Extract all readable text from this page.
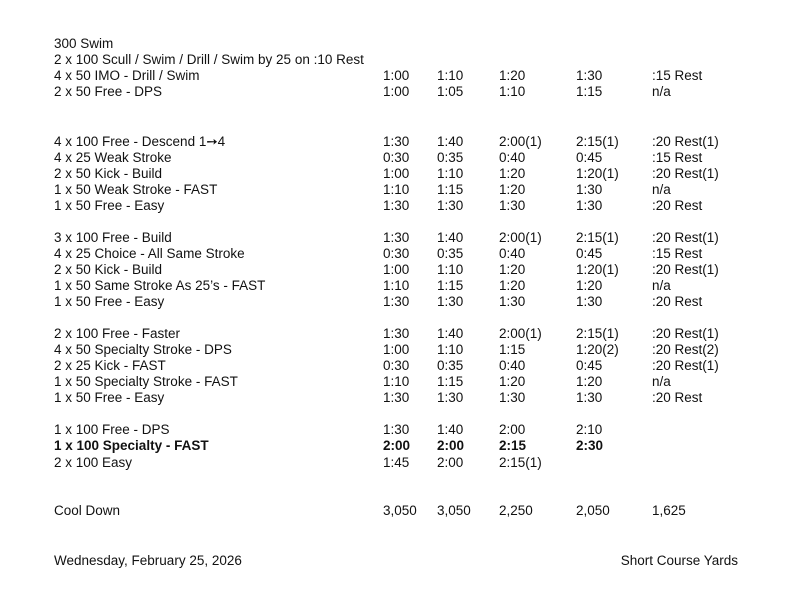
300 Swim
2 x 100 Scull / Swim / Drill / Swim by 25 on :10 Rest
4 x 50 IMO - Drill / Swim	1:00 1:10	1:20	1:30	:15 Rest
2 x 50 Free - DPS	1:00 1:05	1:10	1:15	n/a
4 x 100 Free - Descend 1➙4	1:30 1:40	2:00(1)	2:15(1) :20 Rest(1)
4 x 25 Weak Stroke	0:30 0:35	0:40	0:45	:15 Rest
2 x 50 Kick - Build	1:00 1:10	1:20	1:20(1) :20 Rest(1)
1 x 50 Weak Stroke - FAST	1:10 1:15	1:20	1:30	n/a
1 x 50 Free - Easy	1:30 1:30	1:30	1:30	:20 Rest
3 x 100 Free - Build	1:30 1:40	2:00(1)	2:15(1) :20 Rest(1)
4 x 25 Choice - All Same Stroke	0:30 0:35	0:40	0:45	:15 Rest
2 x 50 Kick - Build	1:00 1:10	1:20	1:20(1) :20 Rest(1)
1 x 50 Same Stroke As 25’s - FAST	1:10 1:15	1:20	1:20	n/a
1 x 50 Free - Easy	1:30 1:30	1:30	1:30	:20 Rest
2 x 100 Free - Faster	1:30 1:40	2:00(1)	2:15(1) :20 Rest(1)
4 x 50 Specialty Stroke - DPS	1:00 1:10	1:15	1:20(2) :20 Rest(2)
2 x 25 Kick - FAST	0:30 0:35	0:40	0:45	:20 Rest(1)
1 x 50 Specialty Stroke - FAST	1:10 1:15	1:20	1:20	n/a
1 x 50 Free - Easy	1:30 1:30	1:30	1:30	:20 Rest
1 x 100 Free - DPS	1:30 1:40	2:00	2:10
1 x 100 Specialty - FAST	2:00 2:00	2:15	2:30
2 x 100 Easy	1:45 2:00	2:15(1)
Cool Down	3,050 3,050 2,250	2,050	1,625
Wednesday, February 25, 2026	Short Course Yards
